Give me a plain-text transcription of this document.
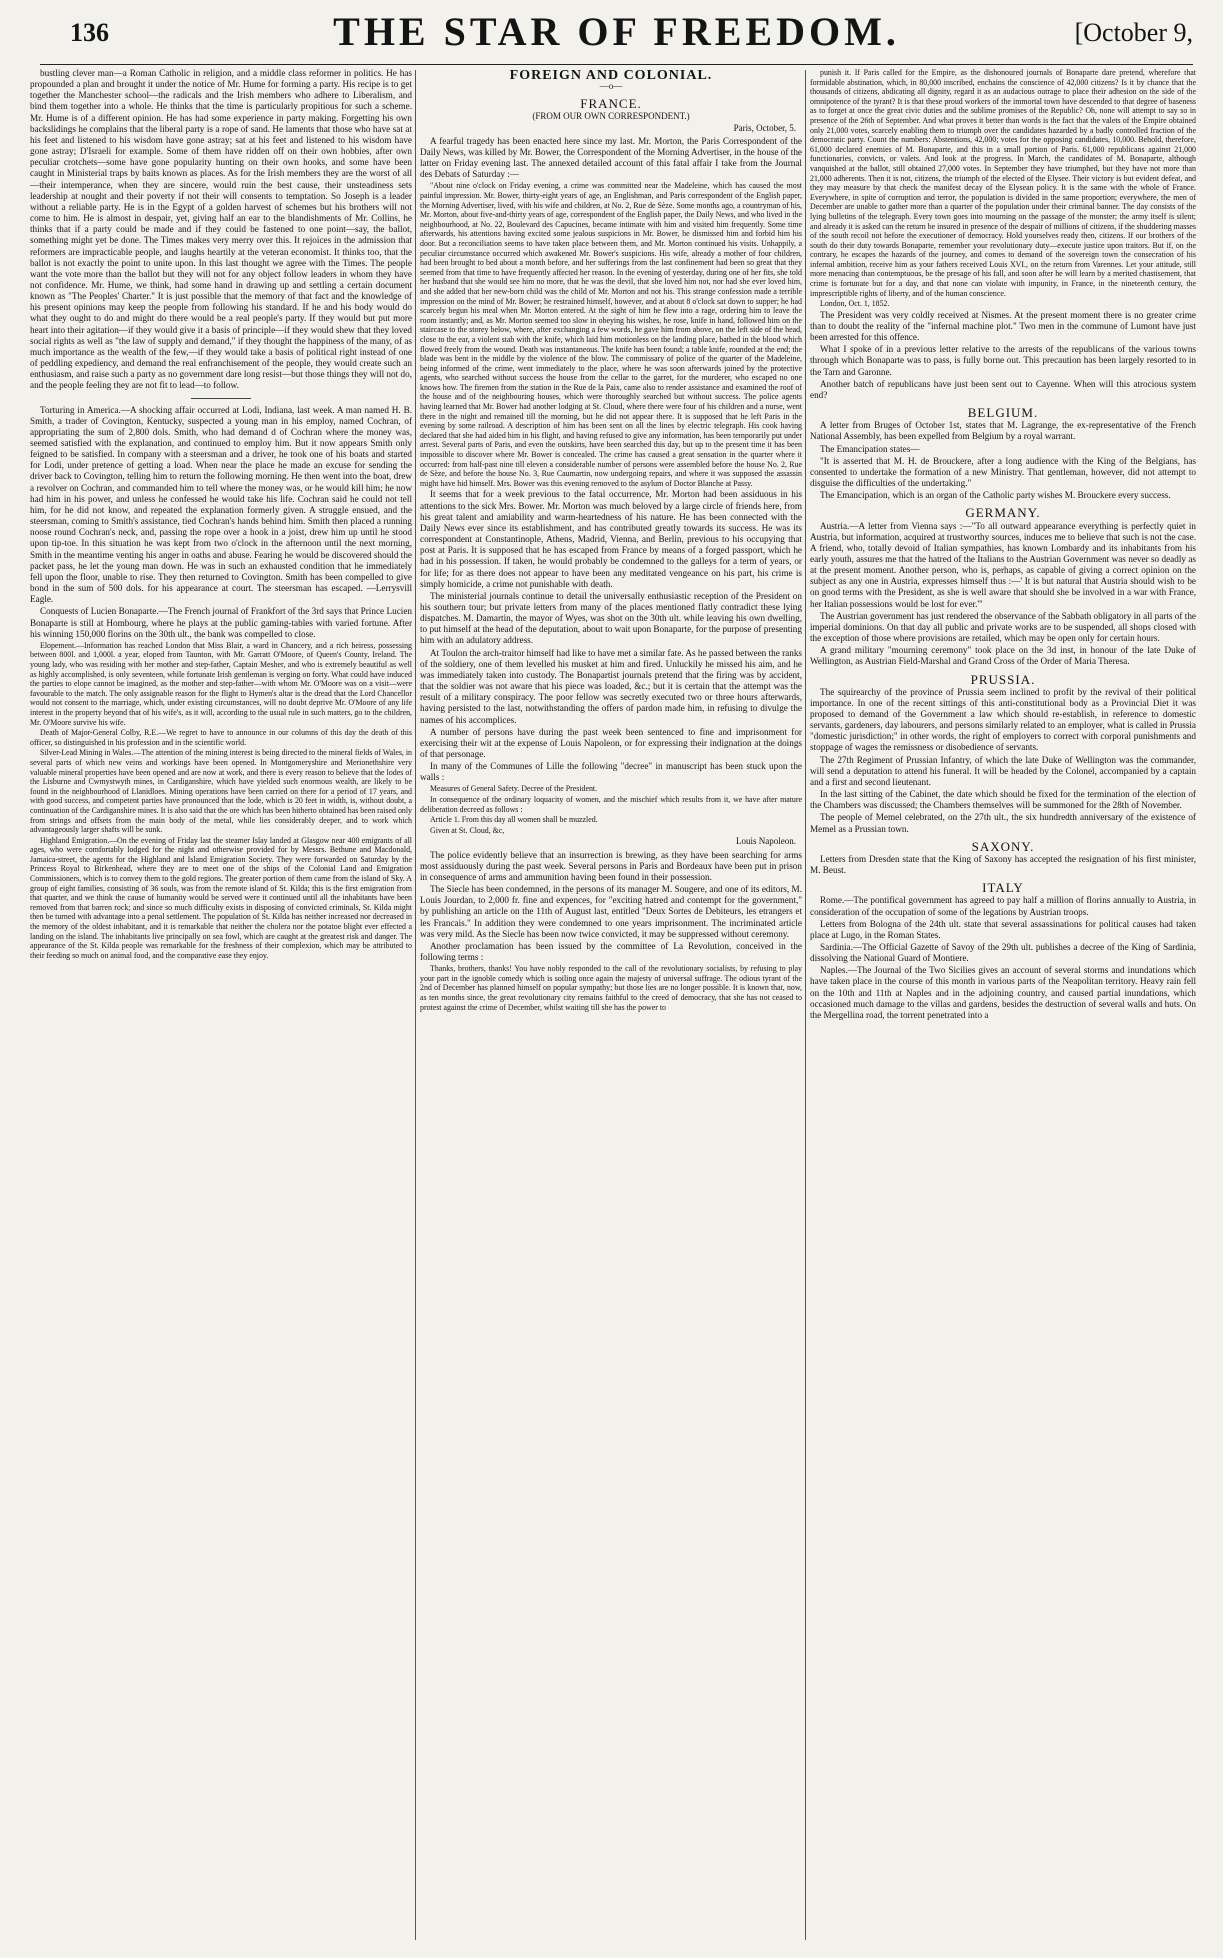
136	THE STAR OF FREEDOM.	[October 9,

bustling clever man—a Roman Catholic in religion, and a middle class reformer in politics. He has propounded a plan and brought it under the notice of Mr. Hume for forming a party. His recipe is to get together the Manchester school—the radicals and the Irish members who adhere to Liberalism, and bind them together into a whole. He thinks that the time is particularly propitious for such a scheme. Mr. Hume is of a different opinion. He has had some experience in party making. Forgetting his own backslidings he complains that the liberal party is a rope of sand. He laments that those who have sat at his feet and listened to his wisdom have gone astray; sat at his feet and listened to his wisdom have gone astray; D'Israeli for example. Some of them have ridden off on their own hobbies, after own peculiar crotchets—some have gone popularity hunting on their own hooks, and some have been caught in Ministerial traps by baits known as places. As for the Irish members they are the worst of all—their intemperance, when they are sincere, would ruin the best cause, their unsteadiness sets leadership at nought and their poverty if not their will consents to temptation. So Joseph is a leader without a reliable party. He is in the Egypt of a golden harvest of schemes but his brothers will not come to him. He is almost in despair, yet, giving half an ear to the blandishments of Mr. Collins, he thinks that if a party could be made and if they could be fastened to one point—say, the ballot, something might yet be done. The Times makes very merry over this. It rejoices in the admission that reformers are impracticable people, and laughs heartily at the veteran economist. It thinks too, that the ballot is not exactly the point to unite upon. In this last thought we agree with the Times. The people want the vote more than the ballot but they will not for any object follow leaders in whom they have not confidence. Mr. Hume, we think, had some hand in drawing up and settling a certain document known as "The Peoples' Charter." It is just possible that the memory of that fact and the knowledge of his present opinions may keep the people from following his standard. If he and his body would do what they ought to do and might do there would be a real people's party. If they would but put more heart into their agitation—if they would give it a basis of principle—if they would shew that they loved social rights as well as "the law of supply and demand," if they thought the happiness of the many, of as much importance as the wealth of the few,—if they would take a basis of political right instead of one of peddling expediency, and demand the real enfranchisement of the people, they would create such an enthusiasm, and raise such a party as no government dare long resist—but those things they will not do, and the people feeling they are not fit to lead—to follow.

Torturing in America.—A shocking affair occurred at Lodi, Indiana, last week. A man named H. B. Smith, a trader of Covington, Kentucky, suspected a young man in his employ, named Cochran, of appropriating the sum of 2,800 dols. Smith, who had demand d of Cochran where the money was, seemed satisfied with the explanation, and continued to employ him. But it now appears Smith only feigned to be satisfied. In company with a steersman and a driver, he took one of his boats and started for Lodi, under pretence of getting a load. When near the place he made an excuse for sending the driver back to Covington, telling him to return the following morning. He then went into the boat, drew a revolver on Cochran, and commanded him to tell where the money was, or he would kill him; he now had him in his power, and unless he confessed he would take his life. Cochran said he could not tell him, for he did not know, and repeated the explanation formerly given. A struggle ensued, and the steersman, coming to Smith's assistance, tied Cochran's hands behind him. Smith then placed a running noose round Cochran's neck, and, passing the rope over a hook in a joist, drew him up until he stood upon tip-toe. In this situation he was kept from two o'clock in the afternoon until the next morning, Smith in the meantime venting his anger in oaths and abuse. Fearing he would be discovered should the packet pass, he let the young man down. He was in such an exhausted condition that he immediately fell upon the floor, unable to rise. They then returned to Covington. Smith has been compelled to give bond in the sum of 500 dols. for his appearance at court. The steersman has escaped. —Lerrysvill Eagle.

Conquests of Lucien Bonaparte.—The French journal of Frankfort of the 3rd says that Prince Lucien Bonaparte is still at Hombourg, where he plays at the public gaming-tables with varied fortune. After his winning 150,000 florins on the 30th ult., the bank was compelled to close.

Elopement.—Information has reached London that Miss Blair, a ward in Chancery, and a rich heiress, possessing between 800l. and 1,000l. a year, eloped from Taunton, with Mr. Garratt O'Moore, of Queen's County, Ireland. The young lady, who was residing with her mother and step-father, Captain Mesher, and who is extremely beautiful as well as highly accomplished, is only seventeen, while fortunate Irish gentleman is verging on forty. What could have induced the parties to elope cannot be imagined, as the mother and step-father—with whom Mr. O'Moore was on a visit—were favourable to the match. The only assignable reason for the flight to Hymen's altar is the dread that the Lord Chancellor would not consent to the marriage, which, under existing circumstances, will no doubt deprive Mr. O'Moore of any life interest in the property beyond that of his wife's, as it will, according to the usual rule in such matters, go to the children, Mr. O'Moore survive his wife.

Death of Major-General Colby, R.E.—We regret to have to announce in our columns of this day the death of this officer, so distinguished in his profession and in the scientific world.

Silver-Lead Mining in Wales.—The attention of the mining interest is being directed to the mineral fields of Wales, in several parts of which new veins and workings have been opened. In Montgomeryshire and Merionethshire very valuable mineral properties have been opened and are now at work, and there is every reason to believe that the lodes of the Lisburne and Cwmystwyth mines, in Cardiganshire, which have yielded such enormous wealth, are likely to be found in the neighbourhood of Llanidloes. Mining operations have been carried on there for a period of 17 years, and with good success, and competent parties have pronounced that the lode, which is 20 feet in width, is, without doubt, a continuation of the Cardiganshire mines. It is also said that the ore which has been hitherto obtained has been raised only from strings and offsets from the main body of the metal, while lies considerably deeper, and to work which advantageously larger shafts will be sunk.

Highland Emigration.—On the evening of Friday last the steamer Islay landed at Glasgow near 400 emigrants of all ages, who were comfortably lodged for the night and otherwise provided for by Messrs. Bethune and Macdonald, Jamaica-street, the agents for the Highland and Island Emigration Society. They were forwarded on Saturday by the Princess Royal to Birkenhead, where they are to meet one of the ships of the Colonial Land and Emigration Commissioners, which is to convey them to the gold regions. The greater portion of them came from the island of Sky. A group of eight families, consisting of 36 souls, was from the remote island of St. Kilda; this is the first emigration from that quarter, and we think the cause of humanity would be served were it continued until all the inhabitants have been removed from that barren rock; and since so much difficulty exists in disposing of convicted criminals, St. Kilda might then be turned with advantage into a penal settlement. The population of St. Kilda has neither increased nor decreased in the memory of the oldest inhabitant, and it is remarkable that neither the cholera nor the potatoe blight ever effected a landing on the island. The inhabitants live principally on sea fowl, which are caught at the greatest risk and danger. The appearance of the St. Kilda people was remarkable for the freshness of their complexion, which may be attributed to their feeding so much on animal food, and the comparative ease they enjoy.

FOREIGN AND COLONIAL.
—o—
FRANCE.
(FROM OUR OWN CORRESPONDENT.)
Paris, October, 5.

A fearful tragedy has been enacted here since my last. Mr. Morton, the Paris Correspondent of the Daily News, was killed by Mr. Bower, the Correspondent of the Morning Advertiser, in the house of the latter on Friday evening last. The annexed detailed account of this fatal affair I take from the Journal des Debats of Saturday :—

"About nine o'clock on Friday evening, a crime was committed near the Madeleine, which has caused the most painful impression. Mr. Bower, thirty-eight years of age, an Englishman, and Paris correspondent of the English paper, the Morning Advertiser, lived, with his wife and children, at No. 2, Rue de Sèze. Some months ago, a countryman of his, Mr. Morton, about five-and-thirty years of age, correspondent of the English paper, the Daily News, and who lived in the neighbourhood, at No. 22, Boulevard des Capucines, became intimate with him and visited him frequently. Some time afterwards, his attentions having excited some jealous suspicions in Mr. Bower, he dismissed him and forbid him his door. But a reconciliation seems to have taken place between them, and Mr. Morton continued his visits. Unhappily, a peculiar circumstance occurred which awakened Mr. Bower's suspicions. His wife, already a mother of four children, had been brought to bed about a month before, and her sufferings from the last confinement had been so great that they seemed from that time to have frequently affected her reason. In the evening of yesterday, during one of her fits, she told her husband that she would see him no more, that he was the devil, that she loved him not, nor had she ever loved him, and she added that her new-born child was the child of Mr. Morton and not his. This strange confession made a terrible impression on the mind of Mr. Bower; he restrained himself, however, and at about 8 o'clock sat down to supper; he had scarcely begun his meal when Mr. Morton entered. At the sight of him he flew into a rage, ordering him to leave the room instantly; and, as Mr. Morton seemed too slow in obeying his wishes, he rose, knife in hand, followed him on the staircase to the storey below, where, after exchanging a few words, he gave him from above, on the left side of the head, close to the ear, a violent stab with the knife, which laid him motionless on the landing place, bathed in the blood which flowed freely from the wound. Death was instantaneous. The knife has been found; a table knife, rounded at the end; the blade was bent in the middle by the violence of the blow. The commissary of police of the quarter of the Madeleine, being informed of the crime, went immediately to the place, where he was soon afterwards joined by the protective agents, who searched without success the house from the cellar to the garret, for the murderer, who escaped no one knows how. The firemen from the station in the Rue de la Paix, came also to render assistance and examined the roof of the house and of the neighbouring houses, which were thoroughly searched but without success. The police agents having learned that Mr. Bower had another lodging at St. Cloud, where there were four of his children and a nurse, went there in the night and remained till the morning, but he did not appear there. It is supposed that he left Paris in the evening by some railroad. A description of him has been sent on all the lines by electric telegraph. His cook having declared that she had aided him in his flight, and having refused to give any information, has been temporarily put under arrest. Several parts of Paris, and even the outskirts, have been searched this day, but up to the present time it has been impossible to discover where Mr. Bower is concealed. The crime has caused a great sensation in the quarter where it occurred: from half-past nine till eleven a considerable number of persons were assembled before the house No. 2, Rue de Sèze, and before the house No. 3, Rue Caumartin, now undergoing repairs, and where it was supposed the assassin might have hid himself. Mrs. Bower was this evening removed to the asylum of Doctor Blanche at Passy.

It seems that for a week previous to the fatal occurrence, Mr. Morton had been assiduous in his attentions to the sick Mrs. Bower. Mr. Morton was much beloved by a large circle of friends here, from his great talent and amiability and warm-heartedness of his nature. He has been connected with the Daily News ever since its establishment, and has contributed greatly towards its success. He was its correspondent at Constantinople, Athens, Madrid, Vienna, and Berlin, previous to his occupying that post at Paris. It is supposed that he has escaped from France by means of a forged passport, which he had in his possession. If taken, he would probably be condemned to the galleys for a term of years, or for life; for as there does not appear to have been any meditated vengeance on his part, his crime is simply homicide, a crime not punishable with death.

The ministerial journals continue to detail the universally enthusiastic reception of the President on his southern tour; but private letters from many of the places mentioned flatly contradict these lying dispatches. M. Damartin, the mayor of Wyes, was shot on the 30th ult. while leaving his own dwelling, to put himself at the head of the deputation, about to wait upon Bonaparte, for the purpose of presenting him with an adulatory address.

At Toulon the arch-traitor himself had like to have met a similar fate. As he passed between the ranks of the soldiery, one of them levelled his musket at him and fired. Unluckily he missed his aim, and he was immediately taken into custody. The Bonapartist journals pretend that the firing was by accident, that the soldier was not aware that his piece was loaded, &c.; but it is certain that the attempt was the result of a military conspiracy. The poor fellow was secretly executed two or three hours afterwards, having persisted to the last, notwithstanding the offers of pardon made him, in refusing to divulge the names of his accomplices.

A number of persons have during the past week been sentenced to fine and imprisonment for exercising their wit at the expense of Louis Napoleon, or for expressing their indignation at the doings of that personage.

In many of the Communes of Lille the following "decree" in manuscript has been stuck upon the walls :

Measures of General Safety. Decree of the President.

In consequence of the ordinary loquacity of women, and the mischief which results from it, we have after mature deliberation decreed as follows :

Article 1. From this day all women shall be muzzled.

Given at St. Cloud, &c,

Louis Napoleon.

The police evidently believe that an insurrection is brewing, as they have been searching for arms most assiduously during the past week. Several persons in Paris and Bordeaux have been put in prison in consequence of arms and ammunition having been found in their possession.

The Siecle has been condemned, in the persons of its manager M. Sougere, and one of its editors, M. Louis Jourdan, to 2,000 fr. fine and expences, for "exciting hatred and contempt for the government," by publishing an article on the 11th of August last, entitled "Deux Sortes de Debiteurs, les etrangers et les Francais." In addition they were condemned to one years imprisonment. The incriminated article was very mild. As the Siecle has been now twice convicted, it may be suppressed without ceremony.

Another proclamation has been issued by the committee of La Revolution, conceived in the following terms :

Thanks, brothers, thanks! You have nobly responded to the call of the revolutionary socialists, by refusing to play your part in the ignoble comedy which is soiling once again the majesty of universal suffrage. The odious tyrant of the 2nd of December has planned himself on popular sympathy; but those lies are no longer possible. It is known that, now, as ten months since, the great revolutionary city remains faithful to the creed of democracy, that she has not ceased to protest against the crime of December, whilst waiting till she has the power to

punish it. If Paris called for the Empire, as the dishonoured journals of Bonaparte dare pretend, wherefore that formidable abstination, which, in 80,000 inscribed, enchains the conscience of 42,000 citizens? Is it by chance that the thousands of citizens, abdicating all dignity, regard it as an audacious outrage to place their adhesion on the side of the omnipotence of the tyrant? It is that these proud workers of the immortal town have descended to that degree of baseness as to forget at once the great civic duties and the sublime promises of the Republic? Oh, none will attempt to say so in presence of the 26th of September. And what proves it better than words is the fact that the valets of the Empire obtained only 21,000 votes, scarcely enabling them to triumph over the candidates hazarded by a badly controlled fraction of the democratic party. Count the numbers: Abstentions, 42,000; votes for the opposing candidates, 10,000. Behold, therefore, 61,000 declared enemies of M. Bonaparte, and this in a small portion of Paris. 61,000 republicans against 21,000 functionaries, convicts, or valets. And look at the progress. In March, the candidates of M. Bonaparte, although vanquished at the ballot, still obtained 27,000 votes. In September they have triumphed, but they have not more than 21,000 adherents. Then it is not, citizens, the triumph of the elected of the Elysee. Their victory is but evident defeat, and they may measure by that check the manifest decay of the Elysean policy. It is the same with the whole of France. Everywhere, in spite of corruption and terror, the population is divided in the same proportion; everywhere, the men of December are unable to gather more than a quarter of the population under their criminal banner. The day consists of the lying bulletins of the telegraph. Every town goes into mourning on the passage of the monster; the army itself is silent; and already it is asked can the return be insured in presence of the despair of millions of citizens, if the shuddering masses of the south recoil not before the executioner of democracy. Hold yourselves ready then, citizens. If our brothers of the south do their duty towards Bonaparte, remember your revolutionary duty—execute justice upon traitors. But if, on the contrary, he escapes the hazards of the journey, and comes to demand of the sovereign town the consecration of his infernal ambition, receive him as your fathers received Louis XVI., on the return from Varennes. Let your attitude, still more menacing than contemptuous, be the presage of his fall, and soon after he will learn by a merited chastisement, that crime is fortunate but for a day, and that none can violate with impunity, in France, in the nineteenth century, the imprescriptible rights of liberty, and of the human conscience.

London, Oct. 1, 1852.

The President was very coldly received at Nismes. At the present moment there is no greater crime than to doubt the reality of the "infernal machine plot." Two men in the commune of Lumont have just been arrested for this offence.

What I spoke of in a previous letter relative to the arrests of the republicans of the various towns through which Bonaparte was to pass, is fully borne out. This precaution has been largely resorted to in the Tarn and Garonne.

Another batch of republicans have just been sent out to Cayenne. When will this atrocious system end?

BELGIUM.

A letter from Bruges of October 1st, states that M. Lagrange, the ex-representative of the French National Assembly, has been expelled from Belgium by a royal warrant.

The Emancipation states—

"It is asserted that M. H. de Brouckere, after a long audience with the King of the Belgians, has consented to undertake the formation of a new Ministry. That gentleman, however, did not attempt to disguise the difficulties of the undertaking."

The Emancipation, which is an organ of the Catholic party wishes M. Brouckere every success.

GERMANY.

Austria.—A letter from Vienna says :—"To all outward appearance everything is perfectly quiet in Austria, but information, acquired at trustworthy sources, induces me to believe that such is not the case. A friend, who, totally devoid of Italian sympathies, has known Lombardy and its inhabitants from his early youth, assures me that the hatred of the Italians to the Austrian Government was never so deadly as at the present moment. Another person, who is, perhaps, as capable of giving a correct opinion on the subject as any one in Austria, expresses himself thus :—' It is but natural that Austria should wish to be on good terms with the President, as she is well aware that should she be involved in a war with France, her Italian possessions would be lost for ever.'"

The Austrian government has just rendered the observance of the Sabbath obligatory in all parts of the imperial dominions. On that day all public and private works are to be suspended, all shops closed with the exception of those where provisions are retailed, which may be open only for certain hours.

A grand military "mourning ceremony" took place on the 3d inst, in honour of the late Duke of Wellington, as Austrian Field-Marshal and Grand Cross of the Order of Maria Theresa.

PRUSSIA.

The squirearchy of the province of Prussia seem inclined to profit by the revival of their political importance. In one of the recent sittings of this anti-constitutional body as a Provincial Diet it was proposed to demand of the Government a law which should re-establish, in reference to domestic servants, gardeners, day labourers, and persons similarly related to an employer, what is called in Prussia "domestic jurisdiction;" in other words, the right of employers to correct with corporal punishments and stoppage of wages the remissness or disobedience of servants.

The 27th Regiment of Prussian Infantry, of which the late Duke of Wellington was the commander, will send a deputation to attend his funeral. It will be headed by the Colonel, accompanied by a captain and a first and second lieutenant.

In the last sitting of the Cabinet, the date which should be fixed for the termination of the election of the Chambers was discussed; the Chambers themselves will be summoned for the 28th of November.

The people of Memel celebrated, on the 27th ult., the six hundredth anniversary of the existence of Memel as a Prussian town.

SAXONY.

Letters from Dresden state that the King of Saxony has accepted the resignation of his first minister, M. Beust.

ITALY

Rome.—The pontifical government has agreed to pay half a million of florins annually to Austria, in consideration of the occupation of some of the legations by Austrian troops.

Letters from Bologna of the 24th ult. state that several assassinations for political causes had taken place at Lugo, in the Roman States.

Sardinia.—The Official Gazette of Savoy of the 29th ult. publishes a decree of the King of Sardinia, dissolving the National Guard of Montiere.

Naples.—The Journal of the Two Sicilies gives an account of several storms and inundations which have taken place in the course of this month in various parts of the Neapolitan territory. Heavy rain fell on the 10th and 11th at Naples and in the adjoining country, and caused partial inundations, which occasioned much damage to the villas and gardens, besides the destruction of several walls and huts. On the Mergellina road, the torrent penetrated into a
